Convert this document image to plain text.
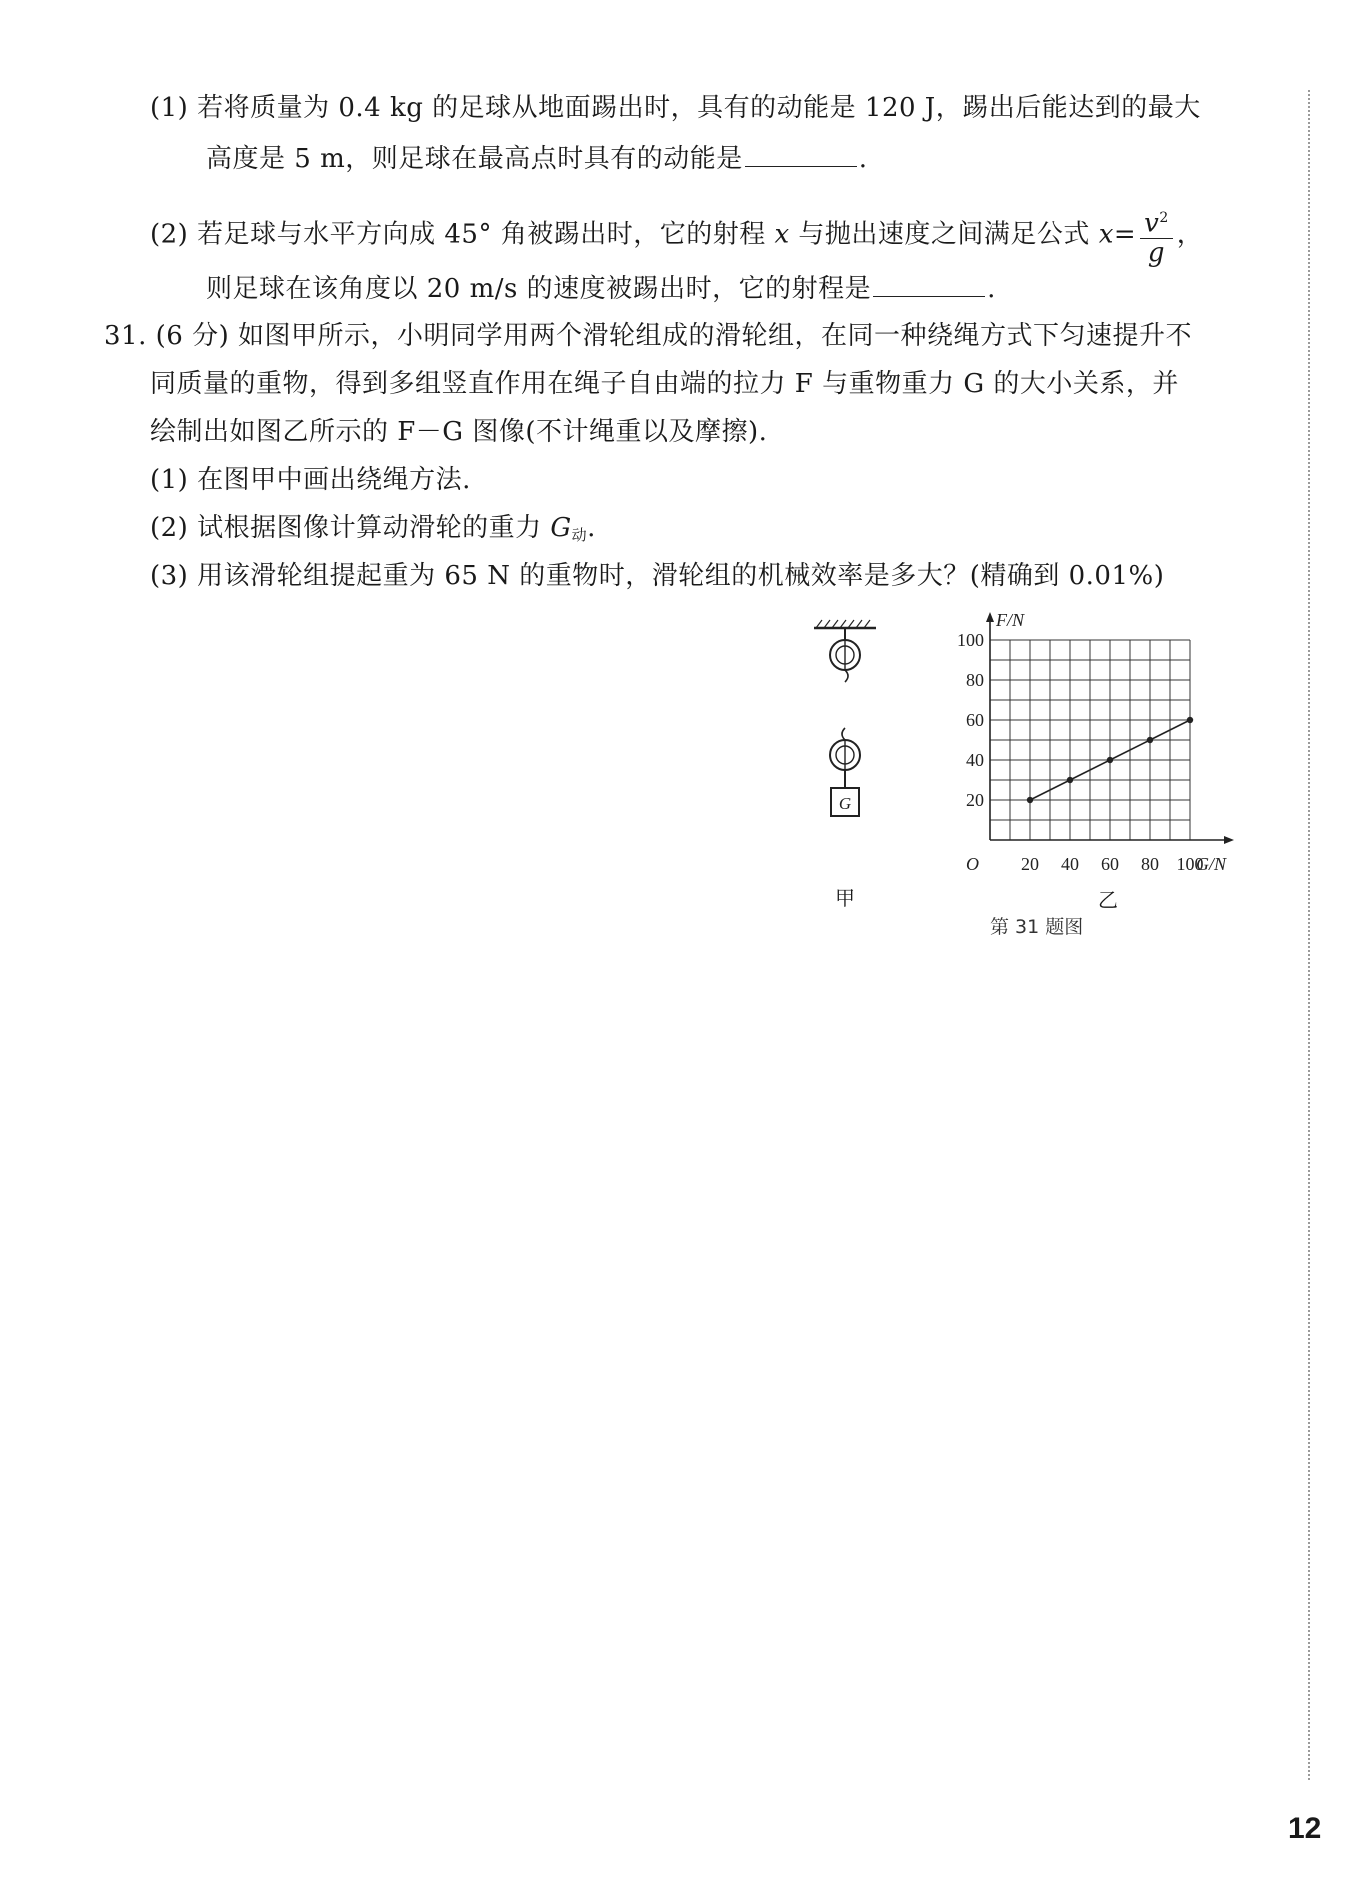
(1) 若将质量为 0.4 kg 的足球从地面踢出时，具有的动能是 120 J，踢出后能达到的最大
高度是 5 m，则足球在最高点时具有的动能是	.
(2) 若足球与水平方向成 45° 角被踢出时，它的射程 x 与抛出速度之间满足公式 $x= \frac{v^2}{g}$ ，
则足球在该角度以 20 m/s 的速度被踢出时，它的射程是	.
31. (6 分) 如图甲所示，小明同学用两个滑轮组成的滑轮组，在同一种绕绳方式下匀速提升不
同质量的重物，得到多组竖直作用在绳子自由端的拉力 F 与重物重力 G 的大小关系，并
绘制出如图乙所示的 F－G 图像(不计绳重以及摩擦).
(1) 在图甲中画出绕绳方法.
(2) 试根据图像计算动滑轮的重力 $G_动$.
(3) 用该滑轮组提起重为 65 N 的重物时，滑轮组的机械效率是多大？(精确到 0.01%)
G
甲
F/N
G/N
O 20 40 60 80 100
20
40
60
80
100
乙
第 31 题图
12
